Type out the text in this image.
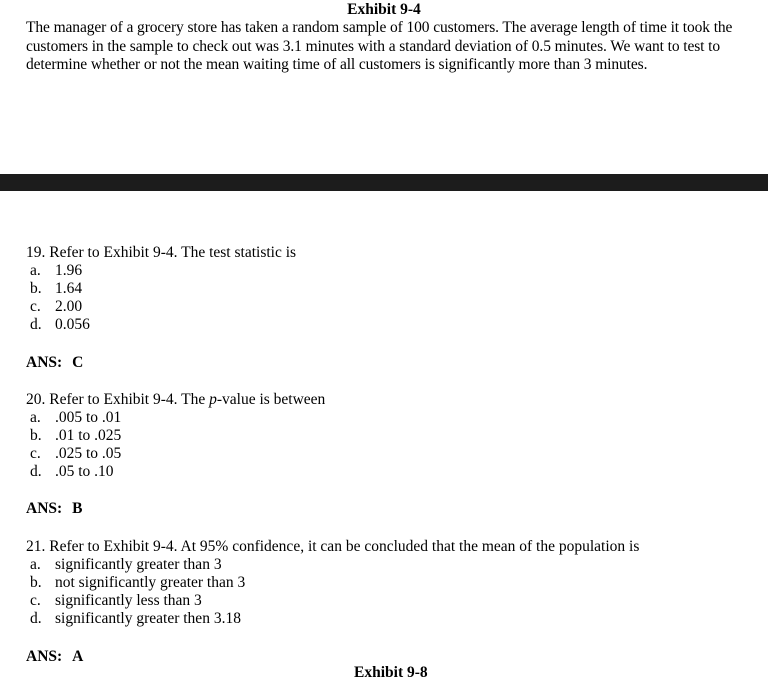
Exhibit 9-4
The manager of a grocery store has taken a random sample of 100 customers. The average length of time it took the customers in the sample to check out was 3.1 minutes with a standard deviation of 0.5 minutes. We want to test to determine whether or not the mean waiting time of all customers is significantly more than 3 minutes.
19. Refer to Exhibit 9-4. The test statistic is
a. 1.96
b. 1.64
c. 2.00
d. 0.056
ANS: C
20. Refer to Exhibit 9-4. The p-value is between
a. .005 to .01
b. .01 to .025
c. .025 to .05
d. .05 to .10
ANS: B
21. Refer to Exhibit 9-4. At 95% confidence, it can be concluded that the mean of the population is
a. significantly greater than 3
b. not significantly greater than 3
c. significantly less than 3
d. significantly greater then 3.18
ANS: A
Exhibit 9-8
